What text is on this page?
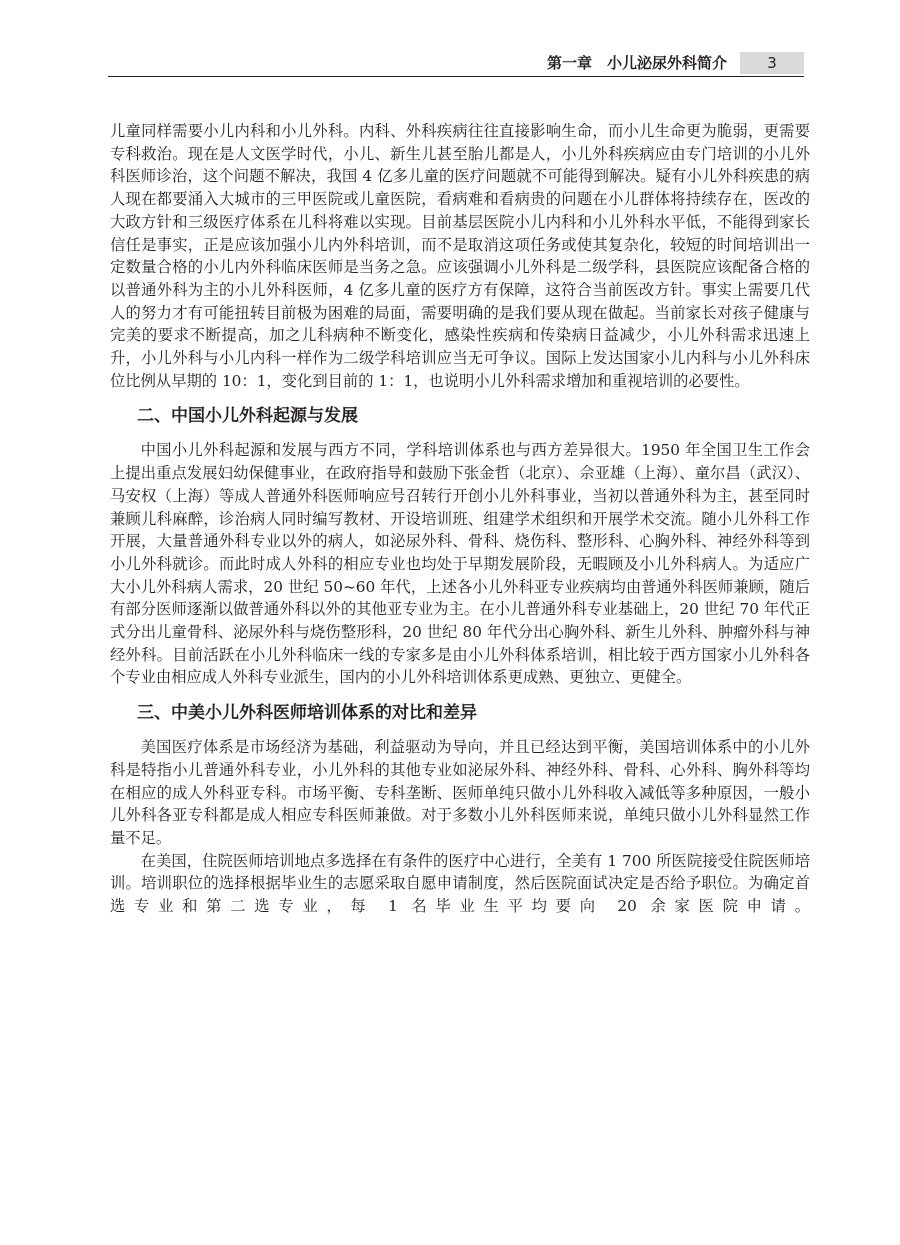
第一章　小儿泌尿外科简介	3

儿童同样需要小儿内科和小儿外科。内科、外科疾病往往直接影响生命，而小儿生命更为脆弱，更需要专科救治。现在是人文医学时代，小儿、新生儿甚至胎儿都是人，小儿外科疾病应由专门培训的小儿外科医师诊治，这个问题不解决，我国 4 亿多儿童的医疗问题就不可能得到解决。疑有小儿外科疾患的病人现在都要涌入大城市的三甲医院或儿童医院，看病难和看病贵的问题在小儿群体将持续存在，医改的大政方针和三级医疗体系在儿科将难以实现。目前基层医院小儿内科和小儿外科水平低，不能得到家长信任是事实，正是应该加强小儿内外科培训，而不是取消这项任务或使其复杂化，较短的时间培训出一定数量合格的小儿内外科临床医师是当务之急。应该强调小儿外科是二级学科，县医院应该配备合格的以普通外科为主的小儿外科医师，4 亿多儿童的医疗方有保障，这符合当前医改方针。事实上需要几代人的努力才有可能扭转目前极为困难的局面，需要明确的是我们要从现在做起。当前家长对孩子健康与完美的要求不断提高，加之儿科病种不断变化，感染性疾病和传染病日益减少，小儿外科需求迅速上升，小儿外科与小儿内科一样作为二级学科培训应当无可争议。国际上发达国家小儿内科与小儿外科床位比例从早期的 10：1，变化到目前的 1：1，也说明小儿外科需求增加和重视培训的必要性。

二、中国小儿外科起源与发展

中国小儿外科起源和发展与西方不同，学科培训体系也与西方差异很大。1950 年全国卫生工作会上提出重点发展妇幼保健事业，在政府指导和鼓励下张金哲（北京）、佘亚雄（上海）、童尔昌（武汉）、马安权（上海）等成人普通外科医师响应号召转行开创小儿外科事业，当初以普通外科为主，甚至同时兼顾儿科麻醉，诊治病人同时编写教材、开设培训班、组建学术组织和开展学术交流。随小儿外科工作开展，大量普通外科专业以外的病人，如泌尿外科、骨科、烧伤科、整形科、心胸外科、神经外科等到小儿外科就诊。而此时成人外科的相应专业也均处于早期发展阶段，无暇顾及小儿外科病人。为适应广大小儿外科病人需求，20 世纪 50~60 年代，上述各小儿外科亚专业疾病均由普通外科医师兼顾，随后有部分医师逐渐以做普通外科以外的其他亚专业为主。在小儿普通外科专业基础上，20 世纪 70 年代正式分出儿童骨科、泌尿外科与烧伤整形科，20 世纪 80 年代分出心胸外科、新生儿外科、肿瘤外科与神经外科。目前活跃在小儿外科临床一线的专家多是由小儿外科体系培训，相比较于西方国家小儿外科各个专业由相应成人外科专业派生，国内的小儿外科培训体系更成熟、更独立、更健全。

三、中美小儿外科医师培训体系的对比和差异

美国医疗体系是市场经济为基础，利益驱动为导向，并且已经达到平衡，美国培训体系中的小儿外科是特指小儿普通外科专业，小儿外科的其他专业如泌尿外科、神经外科、骨科、心外科、胸外科等均在相应的成人外科亚专科。市场平衡、专科垄断、医师单纯只做小儿外科收入减低等多种原因，一般小儿外科各亚专科都是成人相应专科医师兼做。对于多数小儿外科医师来说，单纯只做小儿外科显然工作量不足。

在美国，住院医师培训地点多选择在有条件的医疗中心进行，全美有 1 700 所医院接受住院医师培训。培训职位的选择根据毕业生的志愿采取自愿申请制度，然后医院面试决定是否给予职位。为确定首选专业和第二选专业，每 1 名毕业生平均要向 20 余家医院申请。
